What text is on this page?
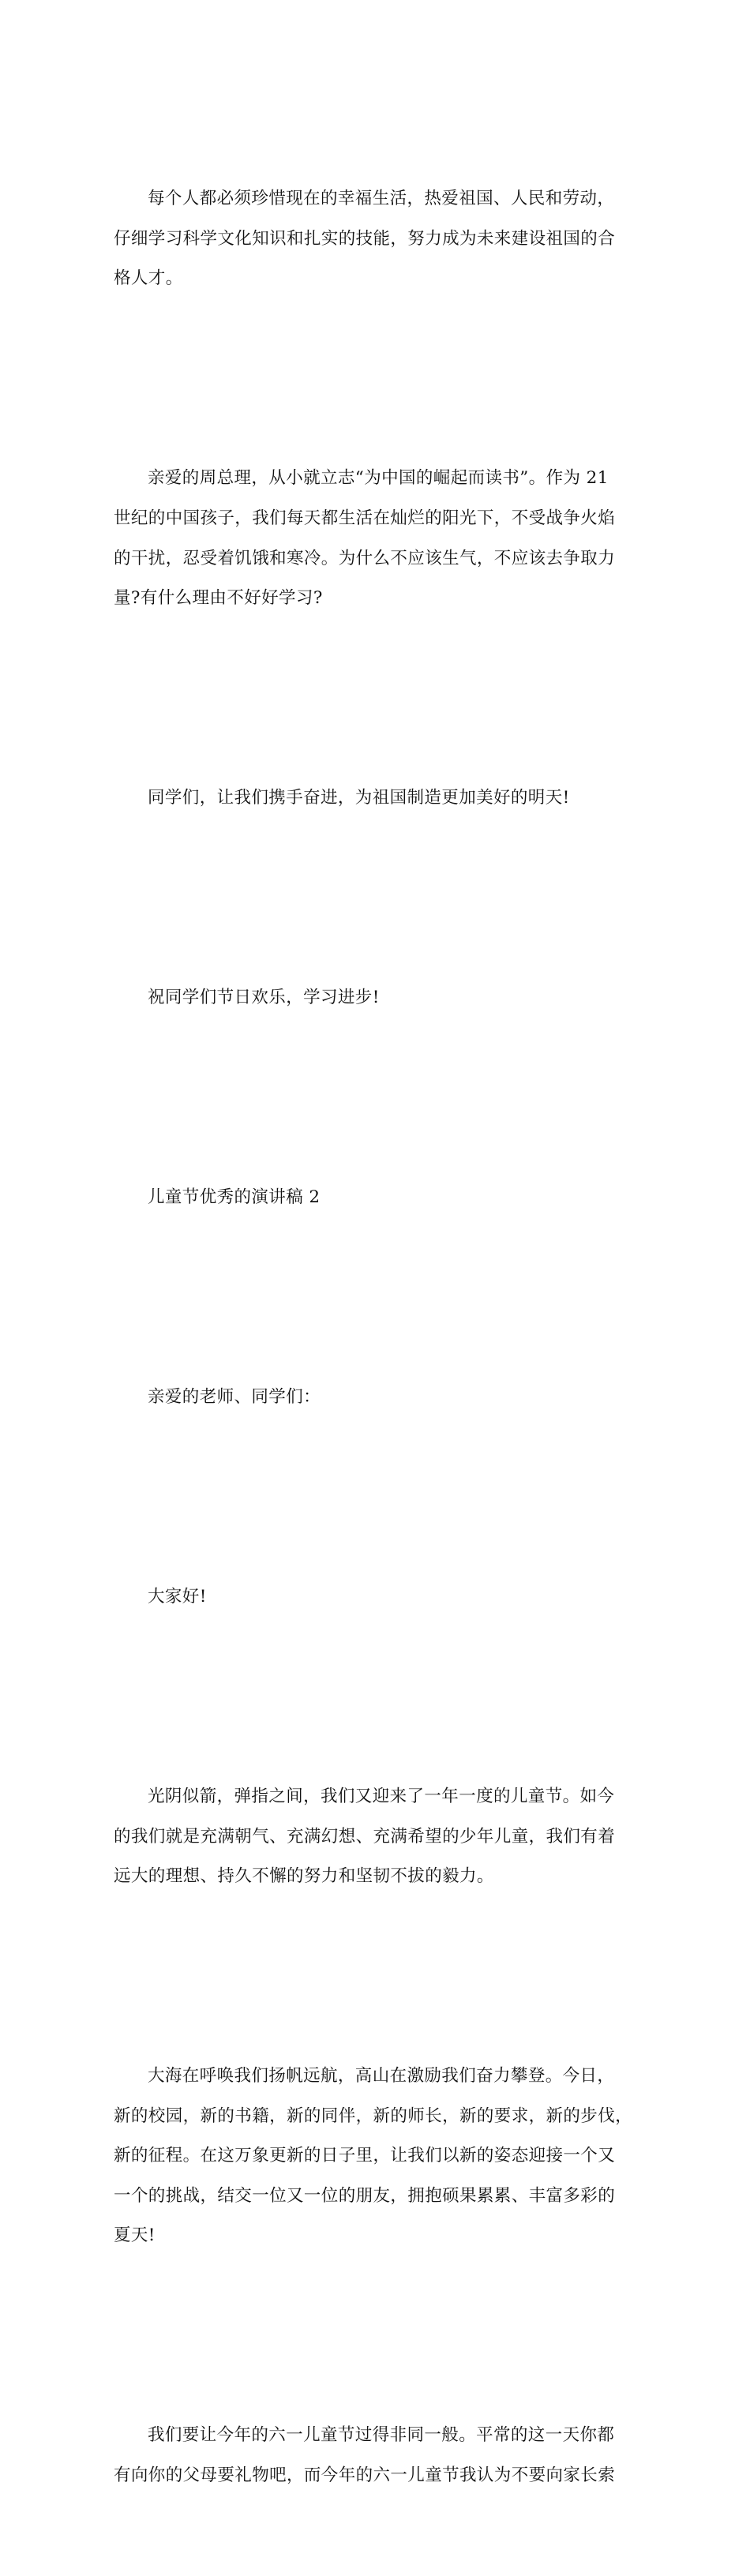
每个人都必须珍惜现在的幸福生活，热爱祖国、人民和劳动，
仔细学习科学文化知识和扎实的技能，努力成为未来建设祖国的合
格人才。

亲爱的周总理，从小就立志“为中国的崛起而读书”。作为 21
世纪的中国孩子，我们每天都生活在灿烂的阳光下，不受战争火焰
的干扰，忍受着饥饿和寒冷。为什么不应该生气，不应该去争取力
量?有什么理由不好好学习?

同学们，让我们携手奋进，为祖国制造更加美好的明天!

祝同学们节日欢乐，学习进步!

儿童节优秀的演讲稿 2

亲爱的老师、同学们：

大家好!

光阴似箭，弹指之间，我们又迎来了一年一度的儿童节。如今
的我们就是充满朝气、充满幻想、充满希望的少年儿童，我们有着
远大的理想、持久不懈的努力和坚韧不拔的毅力。

大海在呼唤我们扬帆远航，高山在激励我们奋力攀登。今日，
新的校园，新的书籍，新的同伴，新的师长，新的要求，新的步伐，
新的征程。在这万象更新的日子里，让我们以新的姿态迎接一个又
一个的挑战，结交一位又一位的朋友，拥抱硕果累累、丰富多彩的
夏天!

我们要让今年的六一儿童节过得非同一般。平常的这一天你都
有向你的父母要礼物吧，而今年的六一儿童节我认为不要向家长索
